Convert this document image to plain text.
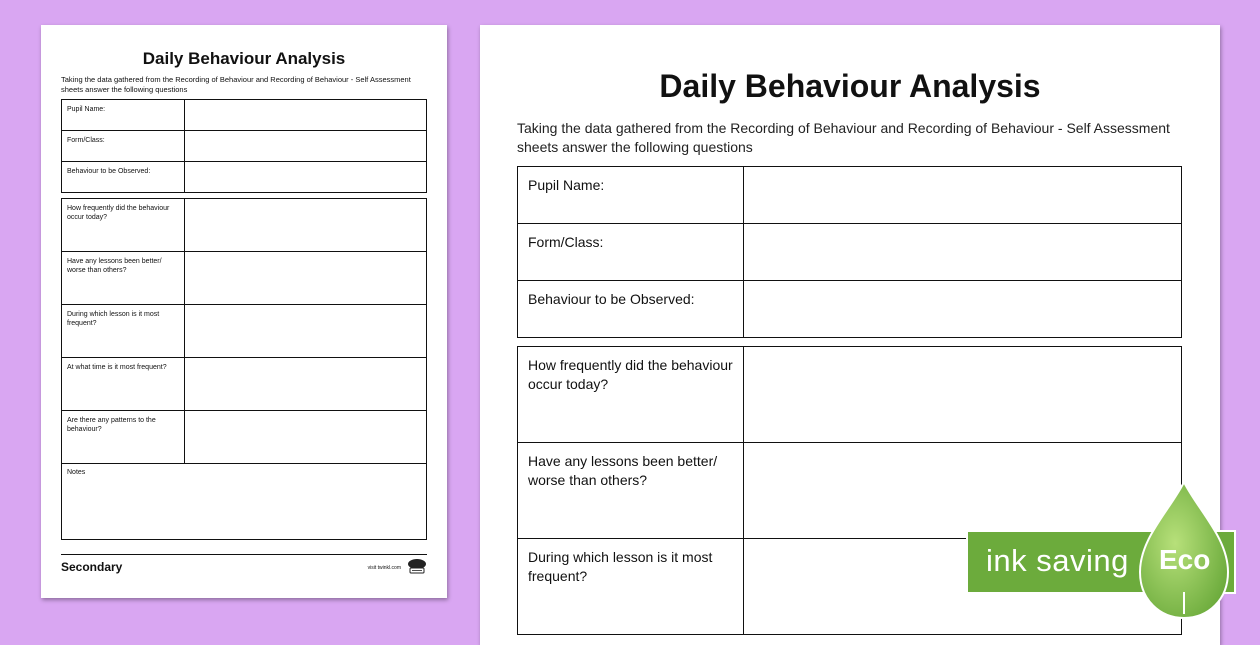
Daily Behaviour Analysis
Taking the data gathered from the Recording of Behaviour and Recording of Behaviour - Self Assessment sheets answer the following questions
Pupil Name:	
Form/Class:	
Behaviour to be Observed:	
How frequently did the behaviour occur today?	
Have any lessons been better/ worse than others?	
During which lesson is it most frequent?	
At what time is it most frequent?	
Are there any patterns to the behaviour?	
Notes
Secondary	visit twinkl.com
Daily Behaviour Analysis
Taking the data gathered from the Recording of Behaviour and Recording of Behaviour - Self Assessment sheets answer the following questions
Pupil Name:	
Form/Class:	
Behaviour to be Observed:	
How frequently did the behaviour occur today?	
Have any lessons been better/ worse than others?	
During which lesson is it most frequent?		ink saving Eco
